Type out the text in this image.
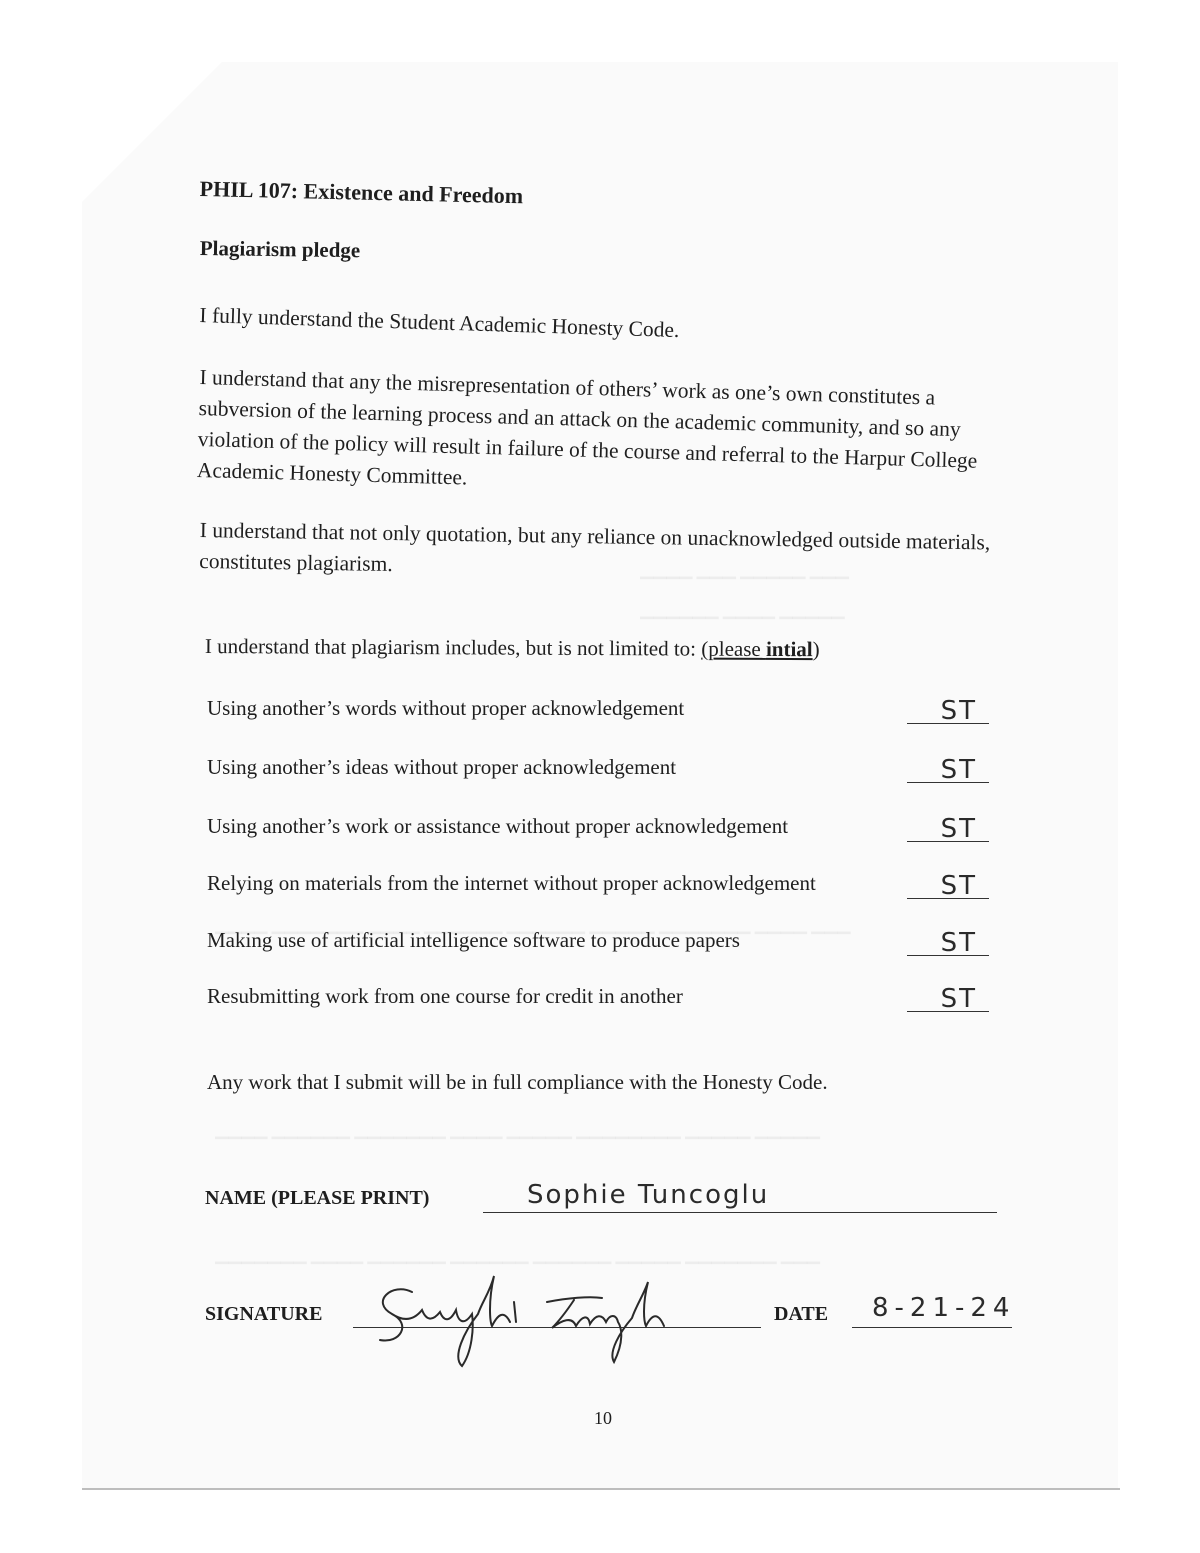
PHIL 107: Existence and Freedom
Plagiarism pledge

I fully understand the Student Academic Honesty Code.

I understand that any the misrepresentation of others’ work as one’s own constitutes a subversion of the learning process and an attack on the academic community, and so any violation of the policy will result in failure of the course and referral to the Harpur College Academic Honesty Committee.

I understand that not only quotation, but any reliance on unacknowledged outside materials, constitutes plagiarism.

I understand that plagiarism includes, but is not limited to: (please intial)
Using another’s words without proper acknowledgement	ST
Using another’s ideas without proper acknowledgement	ST
Using another’s work or assistance without proper acknowledgement	ST
Relying on materials from the internet without proper acknowledgement	ST
Making use of artificial intelligence software to produce papers	ST
Resubmitting work from one course for credit in another	ST
Any work that I submit will be in full compliance with the Honesty Code.
NAME (PLEASE PRINT)	Sophie Tuncoglu
SIGNATURE	DATE 8-21-24
10
